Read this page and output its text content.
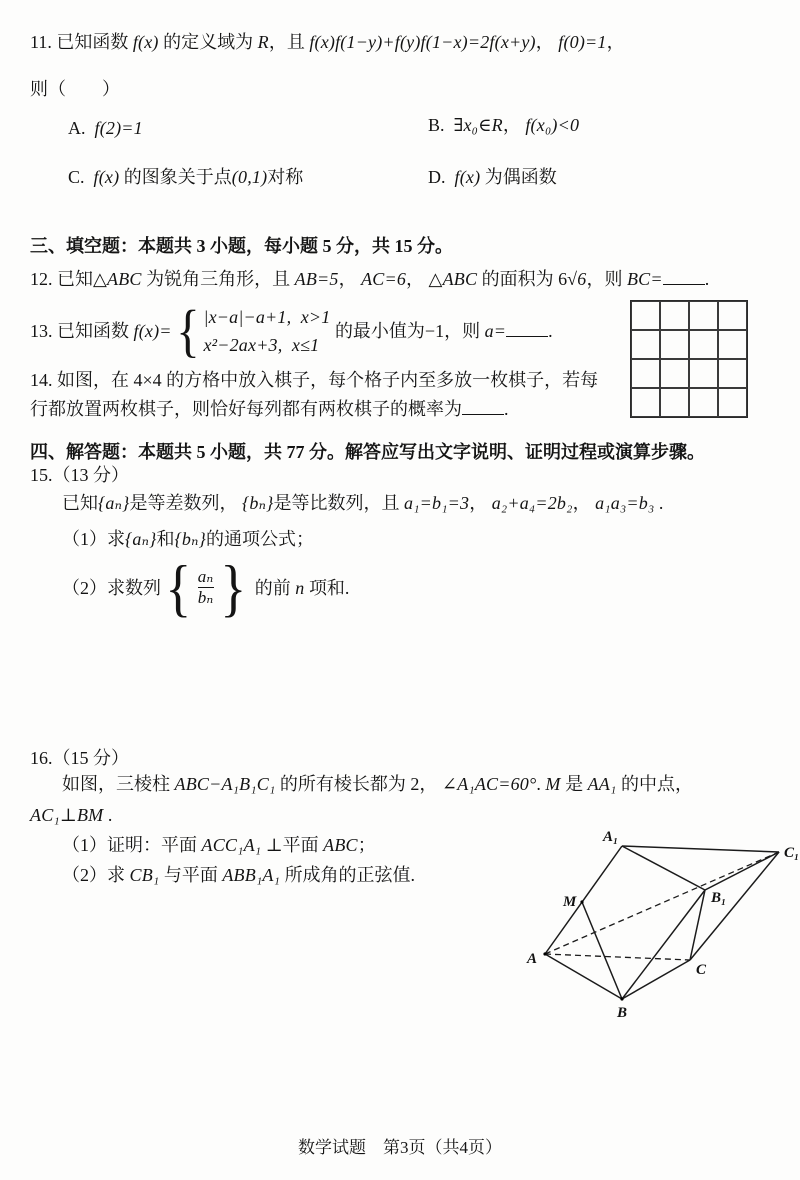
11. 已知函数 f(x) 的定义域为 R，且 f(x)f(1−y)+f(y)f(1−x)=2f(x+y)， f(0)=1，
则（　　）
A.  f(2)=1	B.  ∃x₀∈R， f(x₀)<0
C.  f(x) 的图象关于点(0,1)对称	D.  f(x) 为偶函数
三、填空题：本题共 3 小题，每小题 5 分，共 15 分。
12. 已知△ABC 为锐角三角形，且 AB=5， AC=6， △ABC 的面积为 6√6，则 BC= .
13. 已知函数 f(x)= { |x−a|−a+1,  x>1
x²−2ax+3,  x≤1
的最小值为−1，则 a= .
14. 如图，在 4×4 的方格中放入棋子，每个格子内至多放一枚棋子，若每
行都放置两枚棋子，则恰好每列都有两枚棋子的概率为 .
四、解答题：本题共 5 小题，共 77 分。解答应写出文字说明、证明过程或演算步骤。
15.（13 分）
已知{aₙ}是等差数列， {bₙ}是等比数列，且 a₁=b₁=3， a₂+a₄=2b₂， a₁a₃=b₃ .
（1）求{aₙ}和{bₙ}的通项公式；
（2）求数列 { $\frac{\text{aₙ}}{\text{bₙ}}$ } 的前 n 项和.
16.（15 分）
如图，三棱柱 ABC−A₁B₁C₁ 的所有棱长都为 2， ∠A₁AC=60°. M 是 AA₁ 的中点，
AC₁⊥BM .
（1）证明：平面 ACC₁A₁ ⊥平面 ABC；
（2）求 CB₁ 与平面 ABB₁A₁ 所成角的正弦值.
A₁
C₁
M	B₁
A
C
B
数学试题　第3页（共4页）
